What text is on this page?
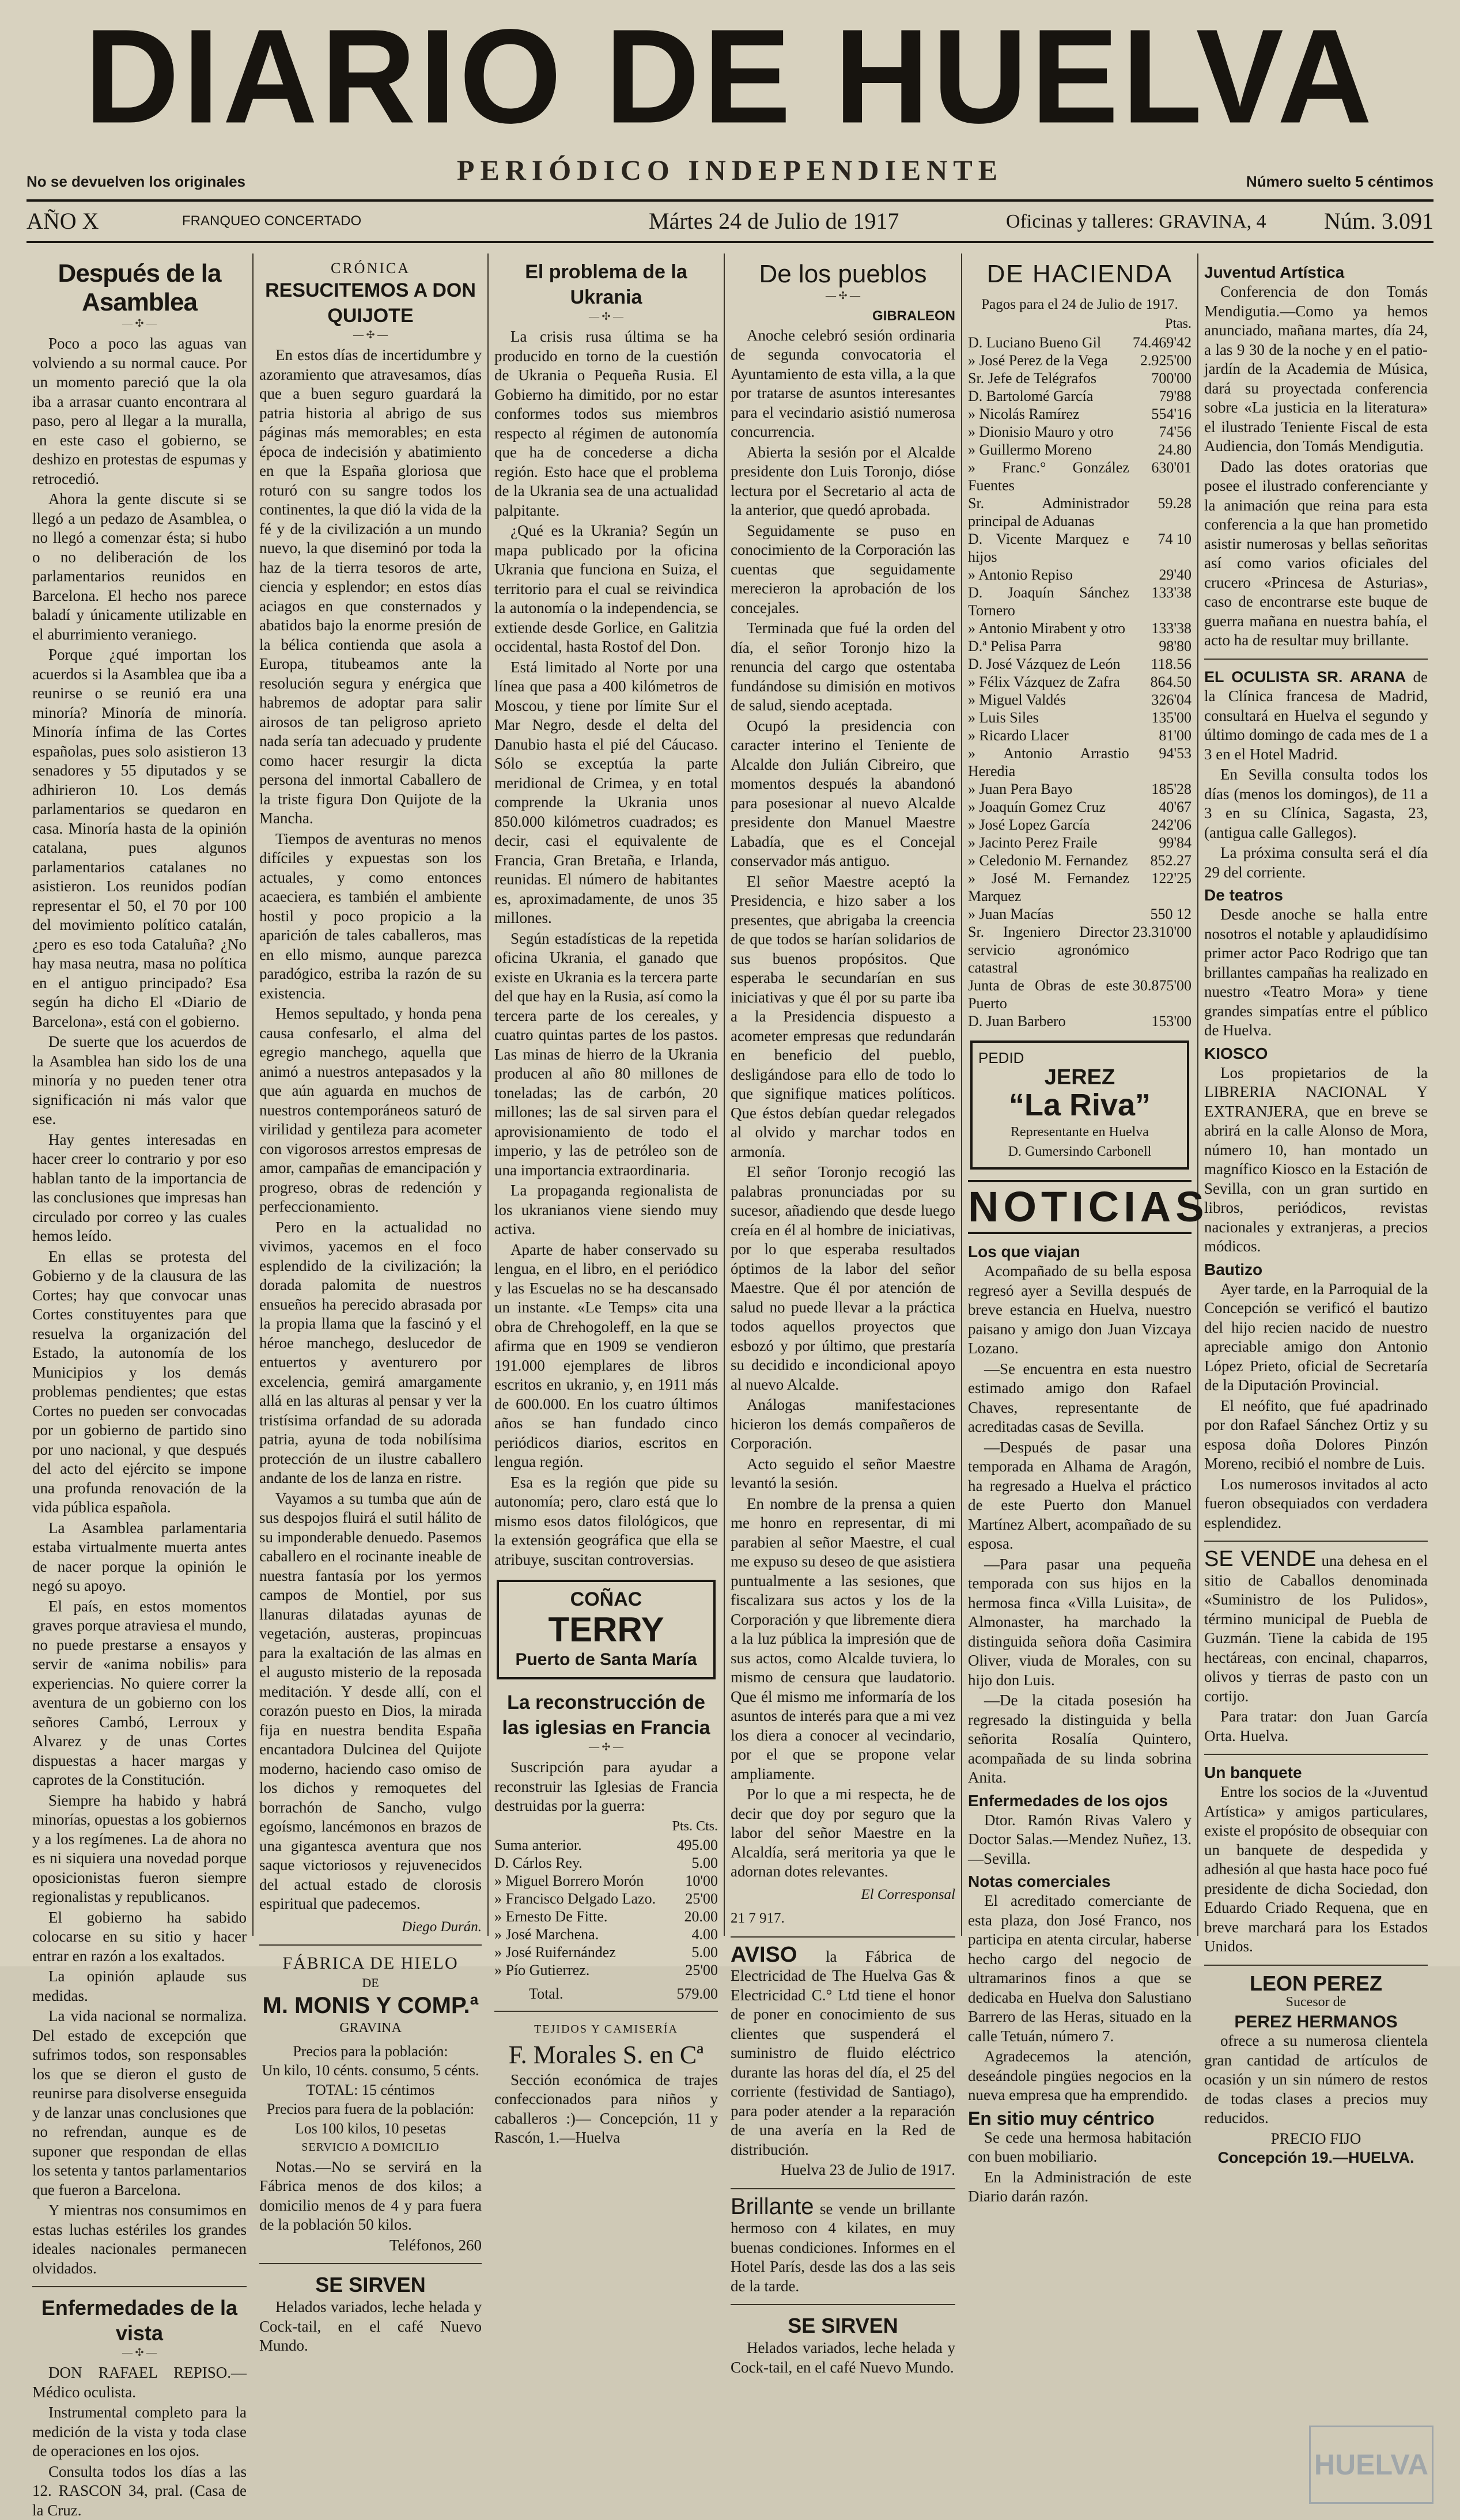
DIARIO DE HUELVA
PERIÓDICO INDEPENDIENTE
No se devuelven los originales	Número suelto 5 céntimos
AÑO X	FRANQUEO CONCERTADO	Mártes 24 de Julio de 1917	Oficinas y talleres: GRAVINA, 4	Núm. 3.091
Después de la Asamblea
— ✣ —

Poco a poco las aguas van volviendo a su normal cauce. Por un momento pareció que la ola iba a arrasar cuanto encontrara al paso, pero al llegar a la muralla, en este caso el gobierno, se deshizo en protestas de espumas y retrocedió.

Ahora la gente discute si se llegó a un pedazo de Asamblea, o no llegó a comenzar ésta; si hubo o no deliberación de los parlamentarios reunidos en Barcelona. El hecho nos parece baladí y únicamente utilizable en el aburrimiento veraniego.

Porque ¿qué importan los acuerdos si la Asamblea que iba a reunirse o se reunió era una minoría? Minoría de minoría. Minoría ínfima de las Cortes españolas, pues solo asistieron 13 senadores y 55 diputados y se adhirieron 10. Los demás parlamentarios se quedaron en casa. Minoría hasta de la opinión catalana, pues algunos parlamentarios catalanes no asistieron. Los reunidos podían representar el 50, el 70 por 100 del movimiento político catalán, ¿pero es eso toda Cataluña? ¿No hay masa neutra, masa no política en el antiguo principado? Esa según ha dicho El «Diario de Barcelona», está con el gobierno.

De suerte que los acuerdos de la Asamblea han sido los de una minoría y no pueden tener otra significación ni más valor que ese.

Hay gentes interesadas en hacer creer lo contrario y por eso hablan tanto de la importancia de las conclusiones que impresas han circulado por correo y las cuales hemos leído.

En ellas se protesta del Gobierno y de la clausura de las Cortes; hay que convocar unas Cortes constituyentes para que resuelva la organización del Estado, la autonomía de los Municipios y los demás problemas pendientes; que estas Cortes no pueden ser convocadas por un gobierno de partido sino por uno nacional, y que después del acto del ejército se impone una profunda renovación de la vida pública española.

La Asamblea parlamentaria estaba virtualmente muerta antes de nacer porque la opinión le negó su apoyo.

El país, en estos momentos graves porque atraviesa el mundo, no puede prestarse a ensayos y servir de «anima nobilis» para experiencias. No quiere correr la aventura de un gobierno con los señores Cambó, Lerroux y Alvarez y de unas Cortes dispuestas a hacer margas y caprotes de la Constitución.

Siempre ha habido y habrá minorías, opuestas a los gobiernos y a los regímenes. La de ahora no es ni siquiera una novedad porque oposicionistas fueron siempre regionalistas y republicanos.

El gobierno ha sabido colocarse en su sitio y hacer entrar en razón a los exaltados.

La opinión aplaude sus medidas.

La vida nacional se normaliza. Del estado de excepción que sufrimos todos, son responsables los que se dieron el gusto de reunirse para disolverse enseguida y de lanzar unas conclusiones que no refrendan, aunque es de suponer que respondan de ellas los setenta y tantos parlamentarios que fueron a Barcelona.

Y mientras nos consumimos en estas luchas estériles los grandes ideales nacionales permanecen olvidados.

Enfermedades de la vista
— ✣ —

DON RAFAEL REPISO.—Médico oculista.

Instrumental completo para la medición de la vista y toda clase de operaciones en los ojos.

Consulta todos los días a las 12. RASCON 34, pral. (Casa de la Cruz.

CRÓNICA
RESUCITEMOS A DON QUIJOTE
— ✣ —

En estos días de incertidumbre y azoramiento que atravesamos, días que a buen seguro guardará la patria historia al abrigo de sus páginas más memorables; en esta época de indecisión y abatimiento en que la España gloriosa que roturó con su sangre todos los continentes, la que dió la vida de la fé y de la civilización a un mundo nuevo, la que diseminó por toda la haz de la tierra tesoros de arte, ciencia y esplendor; en estos días aciagos en que consternados y abatidos bajo la enorme presión de la bélica contienda que asola a Europa, titubeamos ante la resolución segura y enérgica que habremos de adoptar para salir airosos de tan peligroso aprieto nada sería tan adecuado y prudente como hacer resurgir la dicta persona del inmortal Caballero de la triste figura Don Quijote de la Mancha.

Tiempos de aventuras no menos difíciles y expuestas son los actuales, y como entonces acaeciera, es también el ambiente hostil y poco propicio a la aparición de tales caballeros, mas en ello mismo, aunque parezca paradógico, estriba la razón de su existencia.

Hemos sepultado, y honda pena causa confesarlo, el alma del egregio manchego, aquella que animó a nuestros antepasados y la que aún aguarda en muchos de nuestros contemporáneos saturó de virilidad y gentileza para acometer con vigorosos arrestos empresas de amor, campañas de emancipación y progreso, obras de redención y perfeccionamiento.

Pero en la actualidad no vivimos, yacemos en el foco esplendido de la civilización; la dorada palomita de nuestros ensueños ha perecido abrasada por la propia llama que la fascinó y el héroe manchego, deslucedor de entuertos y aventurero por excelencia, gemirá amargamente allá en las alturas al pensar y ver la tristísima orfandad de su adorada patria, ayuna de toda nobilísima protección de un ilustre caballero andante de los de lanza en ristre.

Vayamos a su tumba que aún de sus despojos fluirá el sutil hálito de su imponderable denuedo. Pasemos caballero en el rocinante ineable de nuestra fantasía por los yermos campos de Montiel, por sus llanuras dilatadas ayunas de vegetación, austeras, propincuas para la exaltación de las almas en el augusto misterio de la reposada meditación. Y desde allí, con el corazón puesto en Dios, la mirada fija en nuestra bendita España encantadora Dulcinea del Quijote moderno, haciendo caso omiso de los dichos y remoquetes del borrachón de Sancho, vulgo egoísmo, lancémonos en brazos de una gigantesca aventura que nos saque victoriosos y rejuvenecidos del actual estado de clorosis espiritual que padecemos.

Diego Durán.
FÁBRICA DE HIELO
DE
M. MONIS Y COMP.ª
GRAVINA
Precios para la población:
Un kilo, 10 cénts. consumo, 5 cénts.
TOTAL: 15 céntimos
Precios para fuera de la población:
Los 100 kilos, 10 pesetas
SERVICIO A DOMICILIO

Notas.—No se servirá en la Fábrica menos de dos kilos; a domicilio menos de 4 y para fuera de la población 50 kilos.

Teléfonos, 260
SE SIRVEN

Helados variados, leche helada y Cock-tail, en el café Nuevo Mundo.

El problema de la Ukrania
— ✣ —

La crisis rusa última se ha producido en torno de la cuestión de Ukrania o Pequeña Rusia. El Gobierno ha dimitido, por no estar conformes todos sus miembros respecto al régimen de autonomía que ha de concederse a dicha región. Esto hace que el problema de la Ukrania sea de una actualidad palpitante.

¿Qué es la Ukrania? Según un mapa publicado por la oficina Ukrania que funciona en Suiza, el territorio para el cual se reivindica la autonomía o la independencia, se extiende desde Gorlice, en Galitzia occidental, hasta Rostof del Don.

Está limitado al Norte por una línea que pasa a 400 kilómetros de Moscou, y tiene por límite Sur el Mar Negro, desde el delta del Danubio hasta el pié del Cáucaso. Sólo se exceptúa la parte meridional de Crimea, y en total comprende la Ukrania unos 850.000 kilómetros cuadrados; es decir, casi el equivalente de Francia, Gran Bretaña, e Irlanda, reunidas. El número de habitantes es, aproximadamente, de unos 35 millones.

Según estadísticas de la repetida oficina Ukrania, el ganado que existe en Ukrania es la tercera parte del que hay en la Rusia, así como la tercera parte de los cereales, y cuatro quintas partes de los pastos. Las minas de hierro de la Ukrania producen al año 80 millones de toneladas; las de carbón, 20 millones; las de sal sirven para el aprovisionamiento de todo el imperio, y las de petróleo son de una importancia extraordinaria.

La propaganda regionalista de los ukranianos viene siendo muy activa.

Aparte de haber conservado su lengua, en el libro, en el periódico y las Escuelas no se ha descansado un instante. «Le Temps» cita una obra de Chrehogoleff, en la que se afirma que en 1909 se vendieron 191.000 ejemplares de libros escritos en ukranio, y, en 1911 más de 600.000. En los cuatro últimos años se han fundado cinco periódicos diarios, escritos en lengua región.

Esa es la región que pide su autonomía; pero, claro está que lo mismo esos datos filológicos, que la extensión geográfica que ella se atribuye, suscitan controversias.

COÑAC
TERRY
Puerto de Santa María
La reconstrucción de las iglesias en Francia
— ✣ —

Suscripción para ayudar a reconstruir las Iglesias de Francia destruidas por la guerra:

Pts. Cts.
Suma anterior.	495.00
D. Cárlos Rey.	5.00
» Miguel Borrero Morón	10'00
» Francisco Delgado Lazo.	25'00
» Ernesto De Fitte.	20.00
» José Marchena.	4.00
» José Ruifernández	5.00
» Pío Gutierrez.	25'00
Total.	579.00
TEJIDOS Y CAMISERÍA
F. Morales S. en Cª

Sección económica de trajes confeccionados para niños y caballeros :)— Concepción, 11 y Rascón, 1.—Huelva

De los pueblos
— ✣ —
GIBRALEON

Anoche celebró sesión ordinaria de segunda convocatoria el Ayuntamiento de esta villa, a la que por tratarse de asuntos interesantes para el vecindario asistió numerosa concurrencia.

Abierta la sesión por el Alcalde presidente don Luis Toronjo, dióse lectura por el Secretario al acta de la anterior, que quedó aprobada.

Seguidamente se puso en conocimiento de la Corporación las cuentas que seguidamente merecieron la aprobación de los concejales.

Terminada que fué la orden del día, el señor Toronjo hizo la renuncia del cargo que ostentaba fundándose su dimisión en motivos de salud, siendo aceptada.

Ocupó la presidencia con caracter interino el Teniente de Alcalde don Julián Cibreiro, que momentos después la abandonó para posesionar al nuevo Alcalde presidente don Manuel Maestre Labadía, que es el Concejal conservador más antiguo.

El señor Maestre aceptó la Presidencia, e hizo saber a los presentes, que abrigaba la creencia de que todos se harían solidarios de sus buenos propósitos. Que esperaba le secundarían en sus iniciativas y que él por su parte iba a la Presidencia dispuesto a acometer empresas que redundarán en beneficio del pueblo, desligándose para ello de todo lo que signifique matices políticos. Que éstos debían quedar relegados al olvido y marchar todos en armonía.

El señor Toronjo recogió las palabras pronunciadas por su sucesor, añadiendo que desde luego creía en él al hombre de iniciativas, por lo que esperaba resultados óptimos de la labor del señor Maestre. Que él por atención de salud no puede llevar a la práctica todos aquellos proyectos que esbozó y por último, que prestaría su decidido e incondicional apoyo al nuevo Alcalde.

Análogas manifestaciones hicieron los demás compañeros de Corporación.

Acto seguido el señor Maestre levantó la sesión.

En nombre de la prensa a quien me honro en representar, di mi parabien al señor Maestre, el cual me expuso su deseo de que asistiera puntualmente a las sesiones, que fiscalizara sus actos y los de la Corporación y que libremente diera a la luz pública la impresión que de sus actos, como Alcalde tuviera, lo mismo de censura que laudatorio. Que él mismo me informaría de los asuntos de interés para que a mi vez los diera a conocer al vecindario, por el que se propone velar ampliamente.

Por lo que a mi respecta, he de decir que doy por seguro que la labor del señor Maestre en la Alcaldía, será meritoria ya que le adornan dotes relevantes.

El Corresponsal
21 7 917.

AVISO la Fábrica de Electricidad de The Huelva Gas & Electricidad C.° Ltd tiene el honor de poner en conocimiento de sus clientes que suspenderá el suministro de fluido eléctrico durante las horas del día, el 25 del corriente (festividad de Santiago), para poder atender a la reparación de una avería en la Red de distribución.

Huelva 23 de Julio de 1917.

Brillante se vende un brillante hermoso con 4 kilates, en muy buenas condiciones. Informes en el Hotel París, desde las dos a las seis de la tarde.

SE SIRVEN

Helados variados, leche helada y Cock-tail, en el café Nuevo Mundo.

DE HACIENDA
Pagos para el 24 de Julio de 1917.
Ptas.
D. Luciano Bueno Gil	74.469'42
» José Perez de la Vega	2.925'00
Sr. Jefe de Telégrafos	700'00
D. Bartolomé García	79'88
» Nicolás Ramírez	554'16
» Dionisio Mauro y otro	74'56
» Guillermo Moreno	24.80
» Franc.° González Fuentes	630'01
Sr. Administrador principal de Aduanas	59.28
D. Vicente Marquez e hijos	74 10
» Antonio Repiso	29'40
D. Joaquín Sánchez Tornero	133'38
» Antonio Mirabent y otro	133'38
D.ª Pelisa Parra	98'80
D. José Vázquez de León	118.56
» Félix Vázquez de Zafra	864.50
» Miguel Valdés	326'04
» Luis Siles	135'00
» Ricardo Llacer	81'00
» Antonio Arrastio Heredia	94'53
» Juan Pera Bayo	185'28
» Joaquín Gomez Cruz	40'67
» José Lopez García	242'06
» Jacinto Perez Fraile	99'84
» Celedonio M. Fernandez	852.27
» José M. Fernandez Marquez	122'25
» Juan Macías	550 12
Sr. Ingeniero Director servicio agronómico catastral	23.310'00
Junta de Obras de este Puerto	30.875'00
D. Juan Barbero	153'00
PEDID
JEREZ
“La Riva”
Representante en Huelva
D. Gumersindo Carbonell
NOTICIAS
Los que viajan

Acompañado de su bella esposa regresó ayer a Sevilla después de breve estancia en Huelva, nuestro paisano y amigo don Juan Vizcaya Lozano.

—Se encuentra en esta nuestro estimado amigo don Rafael Chaves, representante de acreditadas casas de Sevilla.

—Después de pasar una temporada en Alhama de Aragón, ha regresado a Huelva el práctico de este Puerto don Manuel Martínez Albert, acompañado de su esposa.

—Para pasar una pequeña temporada con sus hijos en la hermosa finca «Villa Luisita», de Almonaster, ha marchado la distinguida señora doña Casimira Oliver, viuda de Morales, con su hijo don Luis.

—De la citada posesión ha regresado la distinguida y bella señorita Rosalía Quintero, acompañada de su linda sobrina Anita.

Enfermedades de los ojos

Dtor. Ramón Rivas Valero y Doctor Salas.—Mendez Nuñez, 13.—Sevilla.

Notas comerciales

El acreditado comerciante de esta plaza, don José Franco, nos participa en atenta circular, haberse hecho cargo del negocio de ultramarinos finos a que se dedicaba en Huelva don Salustiano Barrero de las Heras, situado en la calle Tetuán, número 7.

Agradecemos la atención, deseándole pingües negocios en la nueva empresa que ha emprendido.

En sitio muy céntrico

Se cede una hermosa habitación con buen mobiliario.

En la Administración de este Diario darán razón.

Juventud Artística

Conferencia de don Tomás Mendigutia.—Como ya hemos anunciado, mañana martes, día 24, a las 9 30 de la noche y en el patio-jardín de la Academia de Música, dará su proyectada conferencia sobre «La justicia en la literatura» el ilustrado Teniente Fiscal de esta Audiencia, don Tomás Mendigutia.

Dado las dotes oratorias que posee el ilustrado conferenciante y la animación que reina para esta conferencia a la que han prometido asistir numerosas y bellas señoritas así como varios oficiales del crucero «Princesa de Asturias», caso de encontrarse este buque de guerra mañana en nuestra bahía, el acto ha de resultar muy brillante.

EL OCULISTA SR. ARANA de la Clínica francesa de Madrid, consultará en Huelva el segundo y último domingo de cada mes de 1 a 3 en el Hotel Madrid.

En Sevilla consulta todos los días (menos los domingos), de 11 a 3 en su Clínica, Sagasta, 23, (antigua calle Gallegos).

La próxima consulta será el día 29 del corriente.

De teatros

Desde anoche se halla entre nosotros el notable y aplaudidísimo primer actor Paco Rodrigo que tan brillantes campañas ha realizado en nuestro «Teatro Mora» y tiene grandes simpatías entre el público de Huelva.

KIOSCO

Los propietarios de la LIBRERIA NACIONAL Y EXTRANJERA, que en breve se abrirá en la calle Alonso de Mora, número 10, han montado un magnífico Kiosco en la Estación de Sevilla, con un gran surtido en libros, periódicos, revistas nacionales y extranjeras, a precios módicos.

Bautizo

Ayer tarde, en la Parroquial de la Concepción se verificó el bautizo del hijo recien nacido de nuestro apreciable amigo don Antonio López Prieto, oficial de Secretaría de la Diputación Provincial.

El neófito, que fué apadrinado por don Rafael Sánchez Ortiz y su esposa doña Dolores Pinzón Moreno, recibió el nombre de Luis.

Los numerosos invitados al acto fueron obsequiados con verdadera esplendidez.

SE VENDE una dehesa en el sitio de Caballos denominada «Suministro de los Pulidos», término municipal de Puebla de Guzmán. Tiene la cabida de 195 hectáreas, con encinal, chaparros, olivos y tierras de pasto con un cortijo.

Para tratar: don Juan García Orta. Huelva.

Un banquete

Entre los socios de la «Juventud Artística» y amigos particulares, existe el propósito de obsequiar con un banquete de despedida y adhesión al que hasta hace poco fué presidente de dicha Sociedad, don Eduardo Criado Requena, que en breve marchará para los Estados Unidos.

LEON PEREZ
Sucesor de
PEREZ HERMANOS

ofrece a su numerosa clientela gran cantidad de artículos de ocasión y un sin número de restos de todas clases a precios muy reducidos.

PRECIO FIJO
Concepción 19.—HUELVA.
HUELVA
